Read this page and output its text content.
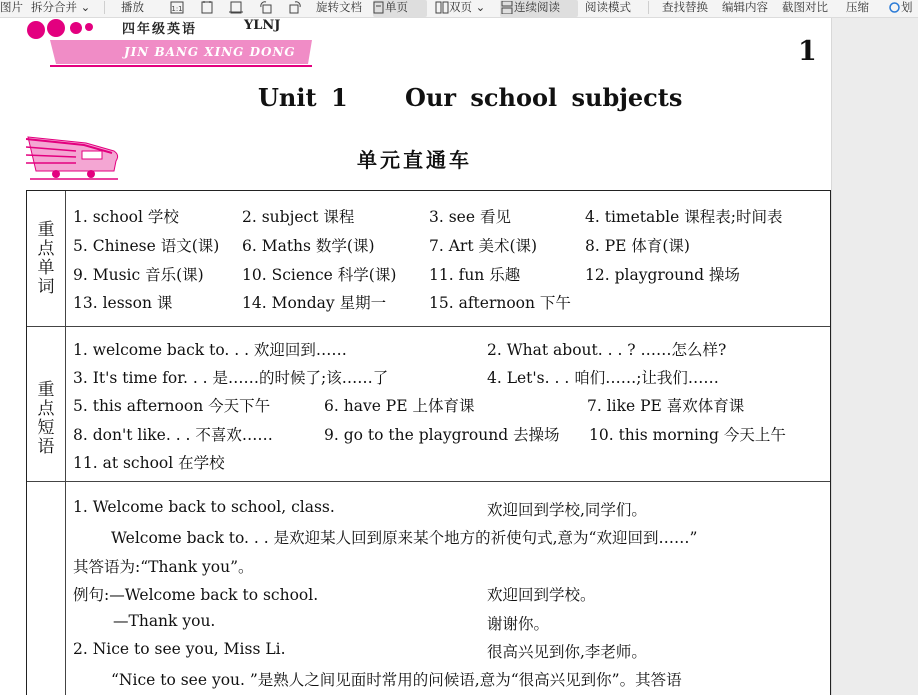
图片 拆分合并 ⌄	播放	1:1	旋转文档	单页	双页 ⌄	连续阅读	阅读模式	查找替换 编辑内容 截图对比 压缩	划
四年级英语	YLNJ
JIN BANG XING DONG	1
Unit 1    Our school subjects
单元直通车
重
点
单
词
1. school 学校	2. subject 课程	3. see 看见	4. timetable 课程表;时间表
5. Chinese 语文(课) 6. Maths 数学(课)	7. Art 美术(课)	8. PE 体育(课)
9. Music 音乐(课) 10. Science 科学(课) 11. fun 乐趣	12. playground 操场
13. lesson 课	14. Monday 星期一	15. afternoon 下午
重
点
短
语
1. welcome back to. . . 欢迎回到……	2. What about. . . ? ……怎么样?
3. It's time for. . . 是……的时候了;该……了	4. Let's. . . 咱们……;让我们……
5. this afternoon 今天下午	6. have PE 上体育课	7. like PE 喜欢体育课
8. don't like. . . 不喜欢……	9. go to the playground 去操场 10. this morning 今天上午
11. at school 在学校
1. Welcome back to school, class.	欢迎回到学校,同学们。
Welcome back to. . . 是欢迎某人回到原来某个地方的祈使句式,意为“欢迎回到……”
其答语为:“Thank you”。
例句:—Welcome back to school.	欢迎回到学校。
—Thank you.	谢谢你。
2. Nice to see you, Miss Li.	很高兴见到你,李老师。
“Nice to see you. ”是熟人之间见面时常用的问候语,意为“很高兴见到你”。其答语
